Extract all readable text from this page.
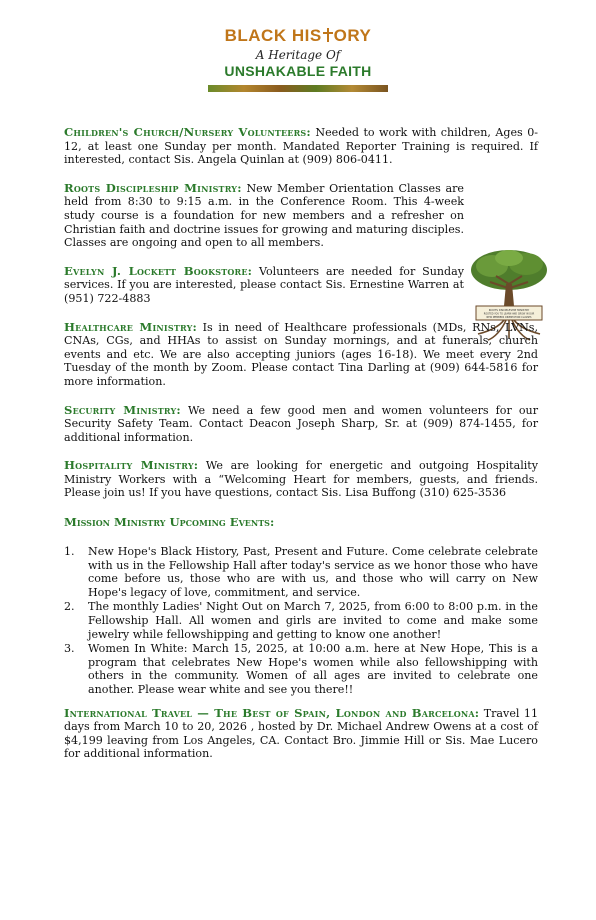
BLACK HIS ORY
A Heritage Of
UNSHAKABLE FAITH
ROOTS DISCIPLESHIP MINISTRY
ROOTED YOU TO LEARN AND GROW IN OUR
NEW MEMBERS ORIENTATION CLASSES

Children's Church/Nursery Volunteers: Needed to work with children, Ages 0-12, at least one Sunday per month. Mandated Reporter Training is required. If interested, contact Sis. Angela Quinlan at (909) 806-0411.

Roots Discipleship Ministry: New Member Orientation Classes are held from 8:30 to 9:15 a.m. in the Conference Room. This 4-week study course is a foundation for new members and a refresher on Christian faith and doctrine issues for growing and maturing disciples. Classes are ongoing and open to all members.

Evelyn J. Lockett Bookstore: Volunteers are needed for Sunday services. If you are interested, please contact Sis. Ernestine Warren at (951) 722-4883

Healthcare Ministry: Is in need of Healthcare professionals (MDs, RNs, LVNs, CNAs, CGs, and HHAs to assist on Sunday mornings, and at funerals, church events and etc. We are also accepting juniors (ages 16-18). We meet every 2nd Tuesday of the month by Zoom. Please contact Tina Darling at (909) 644-5816 for more information.

Security Ministry: We need a few good men and women volunteers for our Security Safety Team. Contact Deacon Joseph Sharp, Sr. at (909) 874-1455, for additional information.

Hospitality Ministry: We are looking for energetic and outgoing Hospitality Ministry Workers with a “Welcoming Heart for members, guests, and friends. Please join us! If you have questions, contact Sis. Lisa Buffong (310) 625-3536

Mission Ministry Upcoming Events:
1. New Hope's Black History, Past, Present and Future. Come celebrate celebrate with us in the Fellowship Hall after today's service as we honor those who have come before us, those who are with us, and those who will carry on New Hope's legacy of love, commitment, and service.
2. The monthly Ladies' Night Out on March 7, 2025, from 6:00 to 8:00 p.m. in the Fellowship Hall. All women and girls are invited to come and make some jewelry while fellowshipping and getting to know one another!
3. Women In White: March 15, 2025, at 10:00 a.m. here at New Hope, This is a program that celebrates New Hope's women while also fellowshipping with others in the community. Women of all ages are invited to celebrate one another. Please wear white and see you there!!

International Travel — The Best of Spain, London and Barcelona: Travel 11 days from March 10 to 20, 2026 , hosted by Dr. Michael Andrew Owens at a cost of $4,199 leaving from Los Angeles, CA. Contact Bro. Jimmie Hill or Sis. Mae Lucero for additional information.
